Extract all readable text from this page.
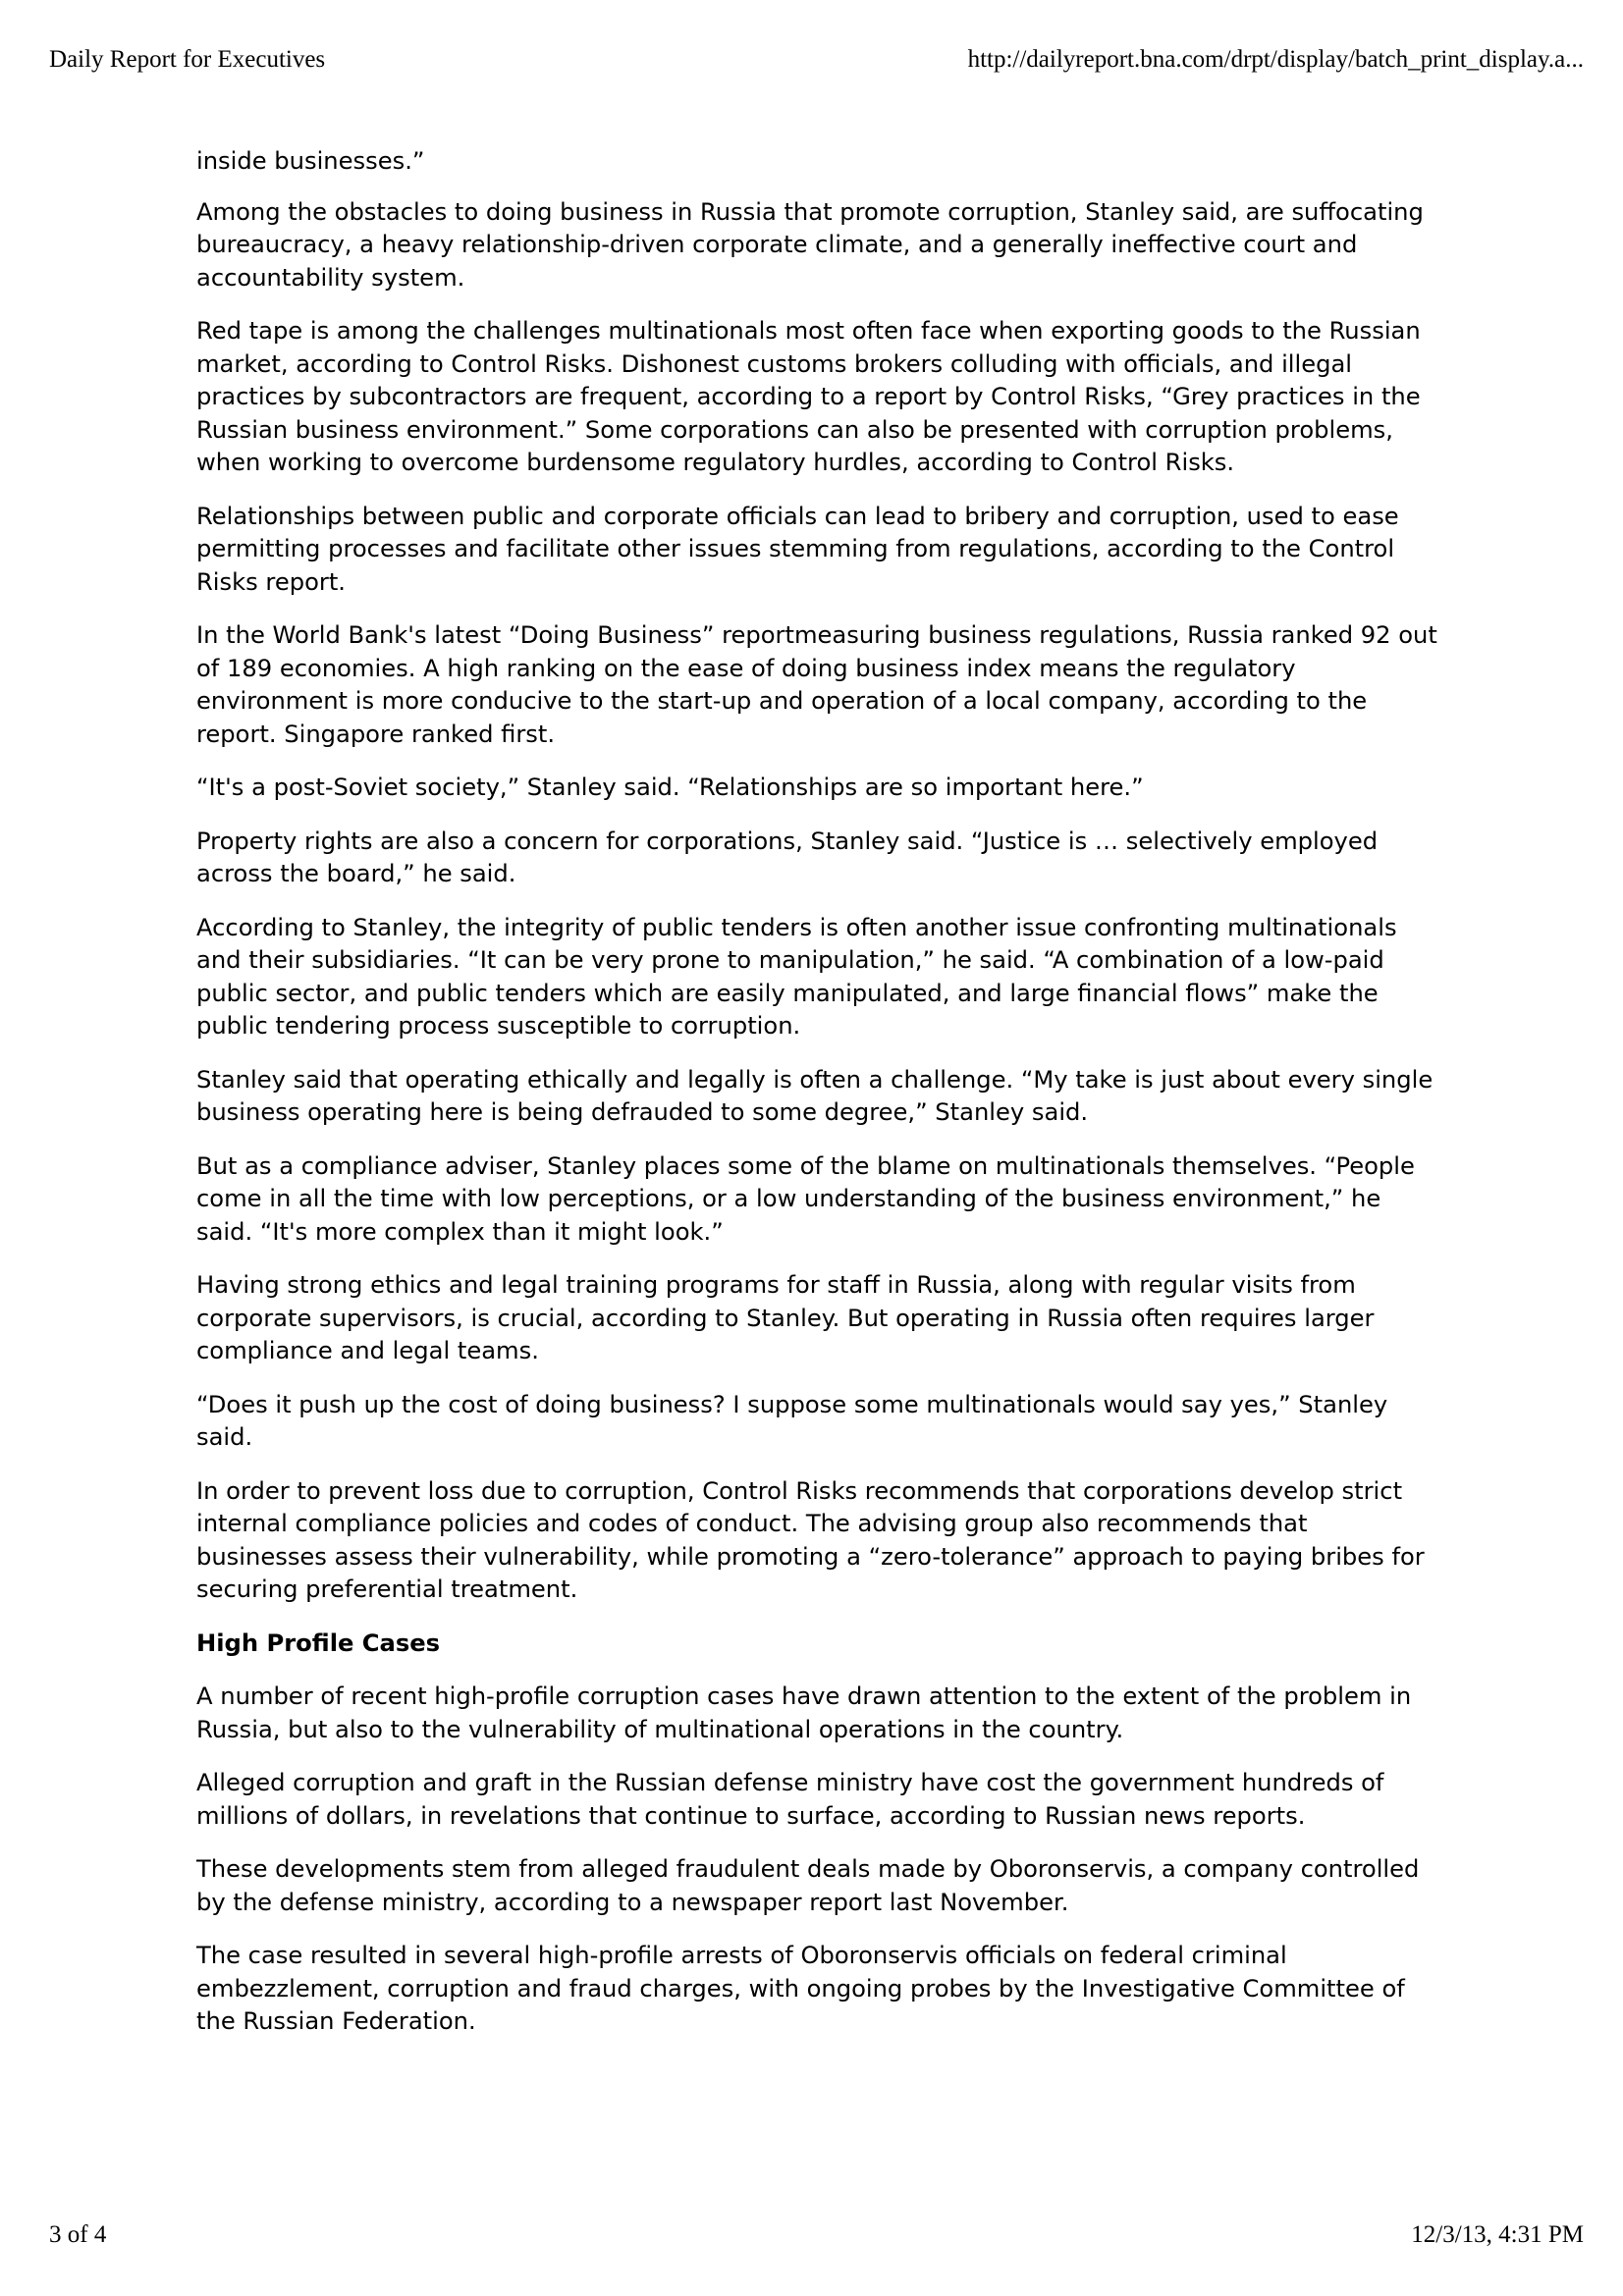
Daily Report for Executives	http://dailyreport.bna.com/drpt/display/batch_print_display.a...

inside businesses.”

Among the obstacles to doing business in Russia that promote corruption, Stanley said, are suffocating bureaucracy, a heavy relationship-driven corporate climate, and a generally ineffective court and accountability system.

Red tape is among the challenges multinationals most often face when exporting goods to the Russian market, according to Control Risks. Dishonest customs brokers colluding with officials, and illegal practices by subcontractors are frequent, according to a report by Control Risks, “Grey practices in the Russian business environment.” Some corporations can also be presented with corruption problems, when working to overcome burdensome regulatory hurdles, according to Control Risks.

Relationships between public and corporate officials can lead to bribery and corruption, used to ease permitting processes and facilitate other issues stemming from regulations, according to the Control Risks report.

In the World Bank's latest “Doing Business” reportmeasuring business regulations, Russia ranked 92 out of 189 economies. A high ranking on the ease of doing business index means the regulatory environment is more conducive to the start-up and operation of a local company, according to the report. Singapore ranked first.

“It's a post-Soviet society,” Stanley said. “Relationships are so important here.”

Property rights are also a concern for corporations, Stanley said. “Justice is … selectively employed across the board,” he said.

According to Stanley, the integrity of public tenders is often another issue confronting multinationals and their subsidiaries. “It can be very prone to manipulation,” he said. “A combination of a low-paid public sector, and public tenders which are easily manipulated, and large financial flows” make the public tendering process susceptible to corruption.

Stanley said that operating ethically and legally is often a challenge. “My take is just about every single business operating here is being defrauded to some degree,” Stanley said.

But as a compliance adviser, Stanley places some of the blame on multinationals themselves. “People come in all the time with low perceptions, or a low understanding of the business environment,” he said. “It's more complex than it might look.”

Having strong ethics and legal training programs for staff in Russia, along with regular visits from corporate supervisors, is crucial, according to Stanley. But operating in Russia often requires larger compliance and legal teams.

“Does it push up the cost of doing business? I suppose some multinationals would say yes,” Stanley said.

In order to prevent loss due to corruption, Control Risks recommends that corporations develop strict internal compliance policies and codes of conduct. The advising group also recommends that businesses assess their vulnerability, while promoting a “zero-tolerance” approach to paying bribes for securing preferential treatment.

High Profile Cases

A number of recent high-profile corruption cases have drawn attention to the extent of the problem in Russia, but also to the vulnerability of multinational operations in the country.

Alleged corruption and graft in the Russian defense ministry have cost the government hundreds of millions of dollars, in revelations that continue to surface, according to Russian news reports.

These developments stem from alleged fraudulent deals made by Oboronservis, a company controlled by the defense ministry, according to a newspaper report last November.

The case resulted in several high-profile arrests of Oboronservis officials on federal criminal embezzlement, corruption and fraud charges, with ongoing probes by the Investigative Committee of the Russian Federation.

3 of 4	12/3/13, 4:31 PM
